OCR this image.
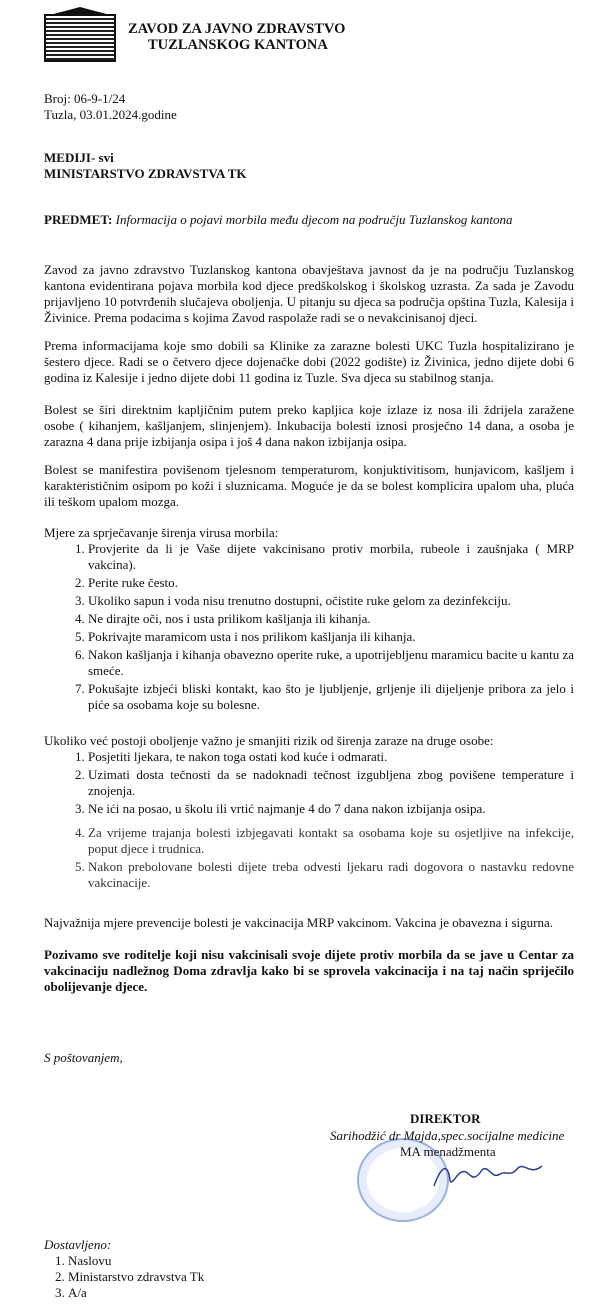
ZAVOD ZA JAVNO ZDRAVSTVO
TUZLANSKOG KANTONA
Broj: 06-9-1/24
Tuzla, 03.01.2024.godine
MEDIJI- svi
MINISTARSTVO ZDRAVSTVA TK
PREDMET: Informacija o pojavi morbila među djecom na području Tuzlanskog kantona
Zavod za javno zdravstvo Tuzlanskog kantona obavještava javnost da je na području Tuzlanskog kantona evidentirana pojava morbila kod djece predškolskog i školskog uzrasta. Za sada je Zavodu prijavljeno 10 potvrđenih slučajeva oboljenja. U pitanju su djeca sa područja opština Tuzla, Kalesija i Živinice. Prema podacima s kojima Zavod raspolaže radi se o nevakcinisanoj djeci.
Prema informacijama koje smo dobili sa Klinike za zarazne bolesti UKC Tuzla hospitalizirano je šestero djece. Radi se o četvero djece dojenačke dobi (2022 godište) iz Živinica, jedno dijete dobi 6 godina iz Kalesije i jedno dijete dobi 11 godina iz Tuzle. Sva djeca su stabilnog stanja.
Bolest se širi direktnim kapljičnim putem preko kapljica koje izlaze iz nosa ili ždrijela zaražene osobe ( kihanjem, kašljanjem, slinjenjem). Inkubacija bolesti iznosi prosječno 14 dana, a osoba je zarazna 4 dana prije izbijanja osipa i još 4 dana nakon izbijanja osipa.
Bolest se manifestira povišenom tjelesnom temperaturom, konjuktivitisom, hunjavicom, kašljem i karakterističnim osipom po koži i sluznicama. Moguće je da se bolest komplicira upalom uha, pluća ili teškom upalom mozga.
Mjere za sprječavanje širenja virusa morbila:
1. Provjerite da li je Vaše dijete vakcinisano protiv morbila, rubeole i zaušnjaka ( MRP vakcina).
2. Perite ruke često.
3. Ukoliko sapun i voda nisu trenutno dostupni, očistite ruke gelom za dezinfekciju.
4. Ne dirajte oči, nos i usta prilikom kašljanja ili kihanja.
5. Pokrivajte maramicom usta i nos prilikom kašljanja ili kihanja.
6. Nakon kašljanja i kihanja obavezno operite ruke, a upotrijebljenu maramicu bacite u kantu za smeće.
7. Pokušajte izbjeći bliski kontakt, kao što je ljubljenje, grljenje ili dijeljenje pribora za jelo i piće sa osobama koje su bolesne.
Ukoliko već postoji oboljenje važno je smanjiti rizik od širenja zaraze na druge osobe:
1. Posjetiti ljekara, te nakon toga ostati kod kuće i odmarati.
2. Uzimati dosta tečnosti da se nadoknadi tečnost izgubljena zbog povišene temperature i znojenja.
3. Ne ići na posao, u školu ili vrtić najmanje 4 do 7 dana nakon izbijanja osipa.
4. Za vrijeme trajanja bolesti izbjegavati kontakt sa osobama koje su osjetljive na infekcije, poput djece i trudnica.
5. Nakon prebolovane bolesti dijete treba odvesti ljekaru radi dogovora o nastavku redovne vakcinacije.
Najvažnija mjere prevencije bolesti je vakcinacija MRP vakcinom. Vakcina je obavezna i sigurna.
Pozivamo sve roditelje koji nisu vakcinisali svoje dijete protiv morbila da se jave u Centar za vakcinaciju nadležnog Doma zdravlja kako bi se sprovela vakcinacija i na taj način spriječilo obolijevanje djece.
S poštovanjem,
DIREKTOR
Sarihodžić dr Majda,spec.socijalne medicine
MA menadžmenta
Dostavljeno:
1. Naslovu
2. Ministarstvo zdravstva Tk
3. A/a
